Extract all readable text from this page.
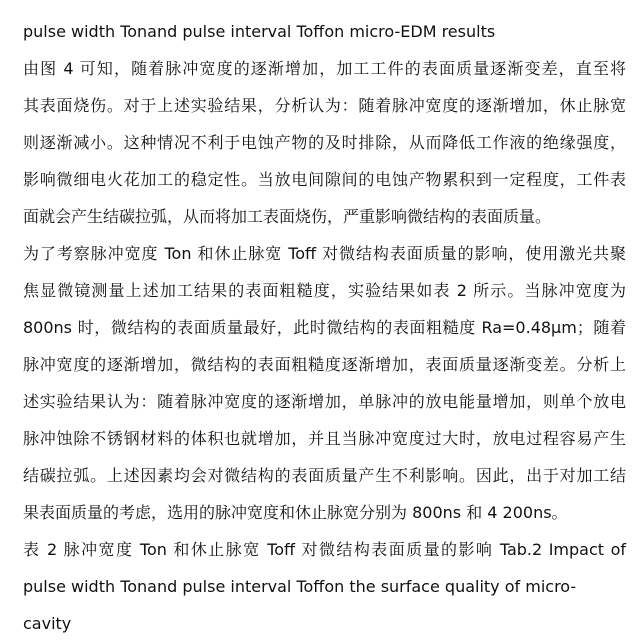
pulse width Tonand pulse interval Toffon micro-EDM results
由图 4 可知，随着脉冲宽度的逐渐增加，加工工件的表面质量逐渐变差，直至将
其表面烧伤。对于上述实验结果，分析认为：随着脉冲宽度的逐渐增加，休止脉宽
则逐渐减小。这种情况不利于电蚀产物的及时排除，从而降低工作液的绝缘强度，
影响微细电火花加工的稳定性。当放电间隙间的电蚀产物累积到一定程度，工件表
面就会产生结碳拉弧，从而将加工表面烧伤，严重影响微结构的表面质量。
为了考察脉冲宽度 Ton 和休止脉宽 Toff 对微结构表面质量的影响，使用激光共聚
焦显微镜测量上述加工结果的表面粗糙度，实验结果如表 2 所示。当脉冲宽度为
800ns 时，微结构的表面质量最好，此时微结构的表面粗糙度 Ra=0.48μm；随着
脉冲宽度的逐渐增加，微结构的表面粗糙度逐渐增加，表面质量逐渐变差。分析上
述实验结果认为：随着脉冲宽度的逐渐增加，单脉冲的放电能量增加，则单个放电
脉冲蚀除不锈钢材料的体积也就增加，并且当脉冲宽度过大时，放电过程容易产生
结碳拉弧。上述因素均会对微结构的表面质量产生不利影响。因此，出于对加工结
果表面质量的考虑，选用的脉冲宽度和休止脉宽分别为 800ns 和 4 200ns。
表 2 脉冲宽度 Ton 和休止脉宽 Toff 对微结构表面质量的影响 Tab.2 Impact of
pulse width Tonand pulse interval Toffon the surface quality of micro-
cavity
